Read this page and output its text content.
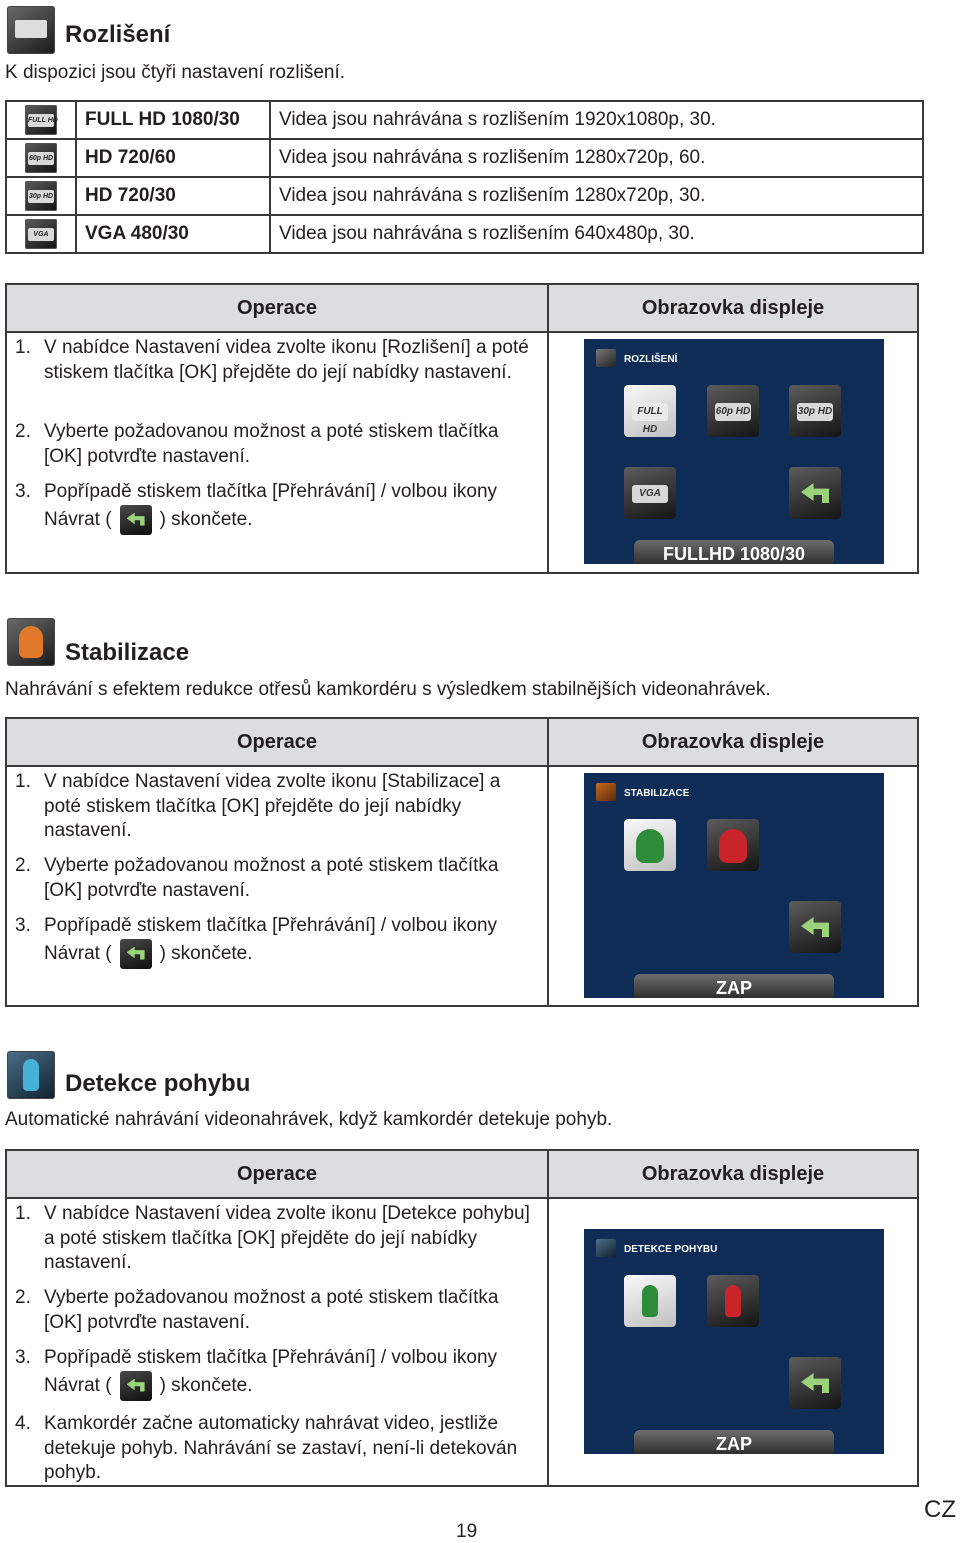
Rozlišení
K dispozici jsou čtyři nastavení rozlišení.
FULL HD	FULL HD 1080/30	Videa jsou nahrávána s rozlišením 1920x1080p, 30.

60p HD	HD 720/60	Videa jsou nahrávána s rozlišením 1280x720p, 60.

30p HD	HD 720/30	Videa jsou nahrávána s rozlišením 1280x720p, 30.

VGA	VGA 480/30	Videa jsou nahrávána s rozlišením 640x480p, 30.
Operace	Obrazovka displeje
1. V nabídce Nastavení videa zvolte ikonu [Rozlišení] a poté stiskem tlačítka [OK] přejděte do její nabídky nastavení.
2. Vyberte požadovanou možnost a poté stiskem tlačítka [OK] potvrďte nastavení.
3. Popřípadě stiskem tlačítka [Přehrávání] / volbou ikony Návrat (	) skončete.
ROZLIŠENÍ
FULL HD
60p HD	30p HD
VGA
FULLHD 1080/30
Stabilizace
Nahrávání s efektem redukce otřesů kamkordéru s výsledkem stabilnějších videonahrávek.
Operace	Obrazovka displeje
1. V nabídce Nastavení videa zvolte ikonu [Stabilizace] a poté stiskem tlačítka [OK] přejděte do její nabídky nastavení.
2. Vyberte požadovanou možnost a poté stiskem tlačítka [OK] potvrďte nastavení.
3. Popřípadě stiskem tlačítka [Přehrávání] / volbou ikony Návrat (	) skončete.
STABILIZACE
ZAP
Detekce pohybu
Automatické nahrávání videonahrávek, když kamkordér detekuje pohyb.
Operace	Obrazovka displeje
1. V nabídce Nastavení videa zvolte ikonu [Detekce pohybu] a poté stiskem tlačítka [OK] přejděte do její nabídky nastavení.
2. Vyberte požadovanou možnost a poté stiskem tlačítka [OK] potvrďte nastavení.
3. Popřípadě stiskem tlačítka [Přehrávání] / volbou ikony Návrat (	) skončete.
4. Kamkordér začne automaticky nahrávat video, jestliže detekuje pohyb. Nahrávání se zastaví, není-li detekován pohyb.
DETEKCE POHYBU
ZAP
19
CZ
